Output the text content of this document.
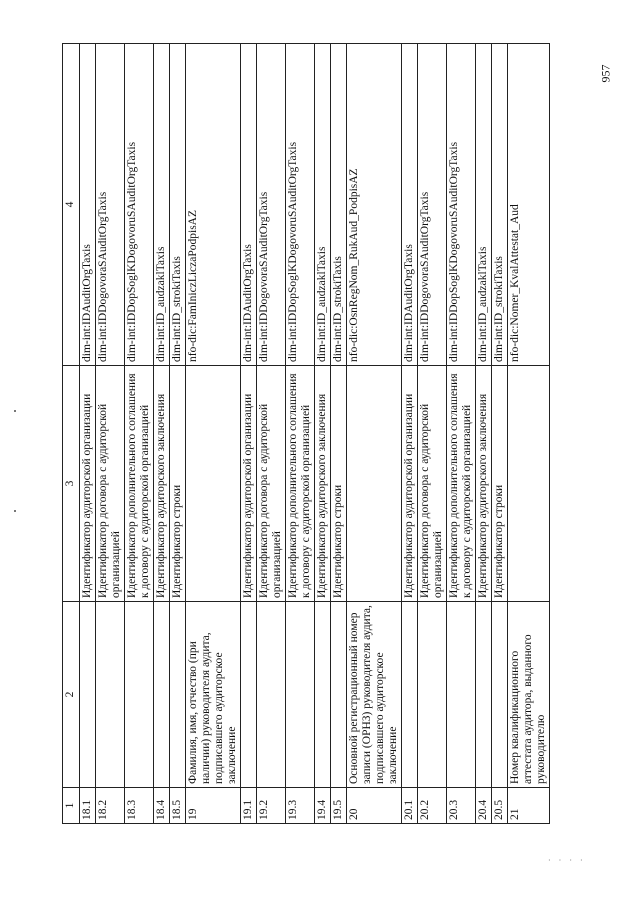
1	2	3	4
18.1		Идентификатор аудиторской организации	dim-int:IDAuditOrgTaxis
18.2		Идентификатор договора с аудиторской организацией	dim-int:IDDogovoraSAuditOrgTaxis
18.3		Идентификатор дополнительного соглашения к договору с аудиторской организацией	dim-int:IDDopSoglKDogovoruSAuditOrgTaxis
18.4		Идентификатор аудиторского заключения	dim-int:ID_audzaklTaxis
18.5		Идентификатор строки	dim-int:ID_strokiTaxis
19	Фамилия, имя, отчество (при наличии) руководителя аудита, подписавшего аудиторское заключение		nfo-dic:FamIniczLiczaPodpisAZ
19.1		Идентификатор аудиторской организации	dim-int:IDAuditOrgTaxis
19.2		Идентификатор договора с аудиторской организацией	dim-int:IDDogovoraSAuditOrgTaxis
19.3		Идентификатор дополнительного соглашения к договору с аудиторской организацией	dim-int:IDDopSoglKDogovoruSAuditOrgTaxis
19.4		Идентификатор аудиторского заключения	dim-int:ID_audzaklTaxis
19.5		Идентификатор строки	dim-int:ID_strokiTaxis
20	Основной регистрационный номер записи (ОРНЗ) руководителя аудита, подписавшего аудиторское заключение		nfo-dic:OsnRegNom_RukAud_PodpisAZ
20.1		Идентификатор аудиторской организации	dim-int:IDAuditOrgTaxis
20.2		Идентификатор договора с аудиторской организацией	dim-int:IDDogovoraSAuditOrgTaxis
20.3		Идентификатор дополнительного соглашения к договору с аудиторской организацией	dim-int:IDDopSoglKDogovoruSAuditOrgTaxis
20.4		Идентификатор аудиторского заключения	dim-int:ID_audzaklTaxis
20.5		Идентификатор строки	dim-int:ID_strokiTaxis
21	Номер квалификационного аттестата аудитора, выданного руководителю		nfo-dic:Nomer_KvalAttestat_Aud
957
· · · ·
